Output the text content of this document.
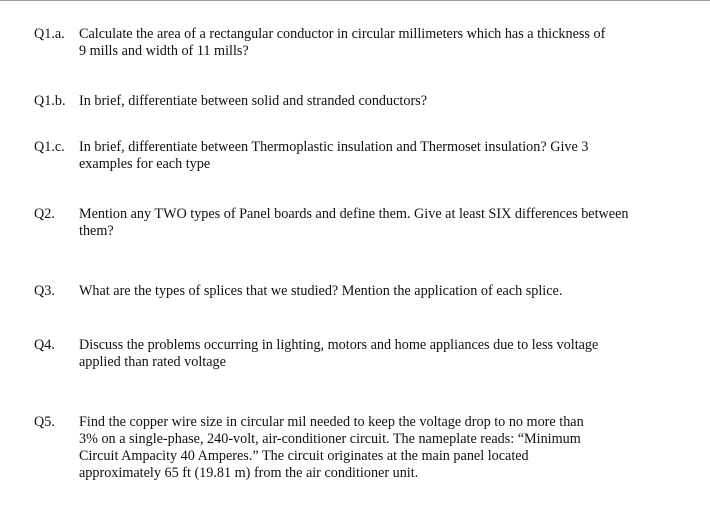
Q1.a. Calculate the area of a rectangular conductor in circular millimeters which has a thickness of
9 mills and width of 11 mills?
Q1.b. In brief, differentiate between solid and stranded conductors?
Q1.c. In brief, differentiate between Thermoplastic insulation and Thermoset insulation? Give 3
examples for each type
Q2. Mention any TWO types of Panel boards and define them. Give at least SIX differences between
them?
Q3. What are the types of splices that we studied? Mention the application of each splice.
Q4. Discuss the problems occurring in lighting, motors and home appliances due to less voltage
applied than rated voltage
Q5. Find the copper wire size in circular mil needed to keep the voltage drop to no more than
3% on a single-phase, 240-volt, air-conditioner circuit. The nameplate reads: “Minimum
Circuit Ampacity 40 Amperes.” The circuit originates at the main panel located
approximately 65 ft (19.81 m) from the air conditioner unit.
